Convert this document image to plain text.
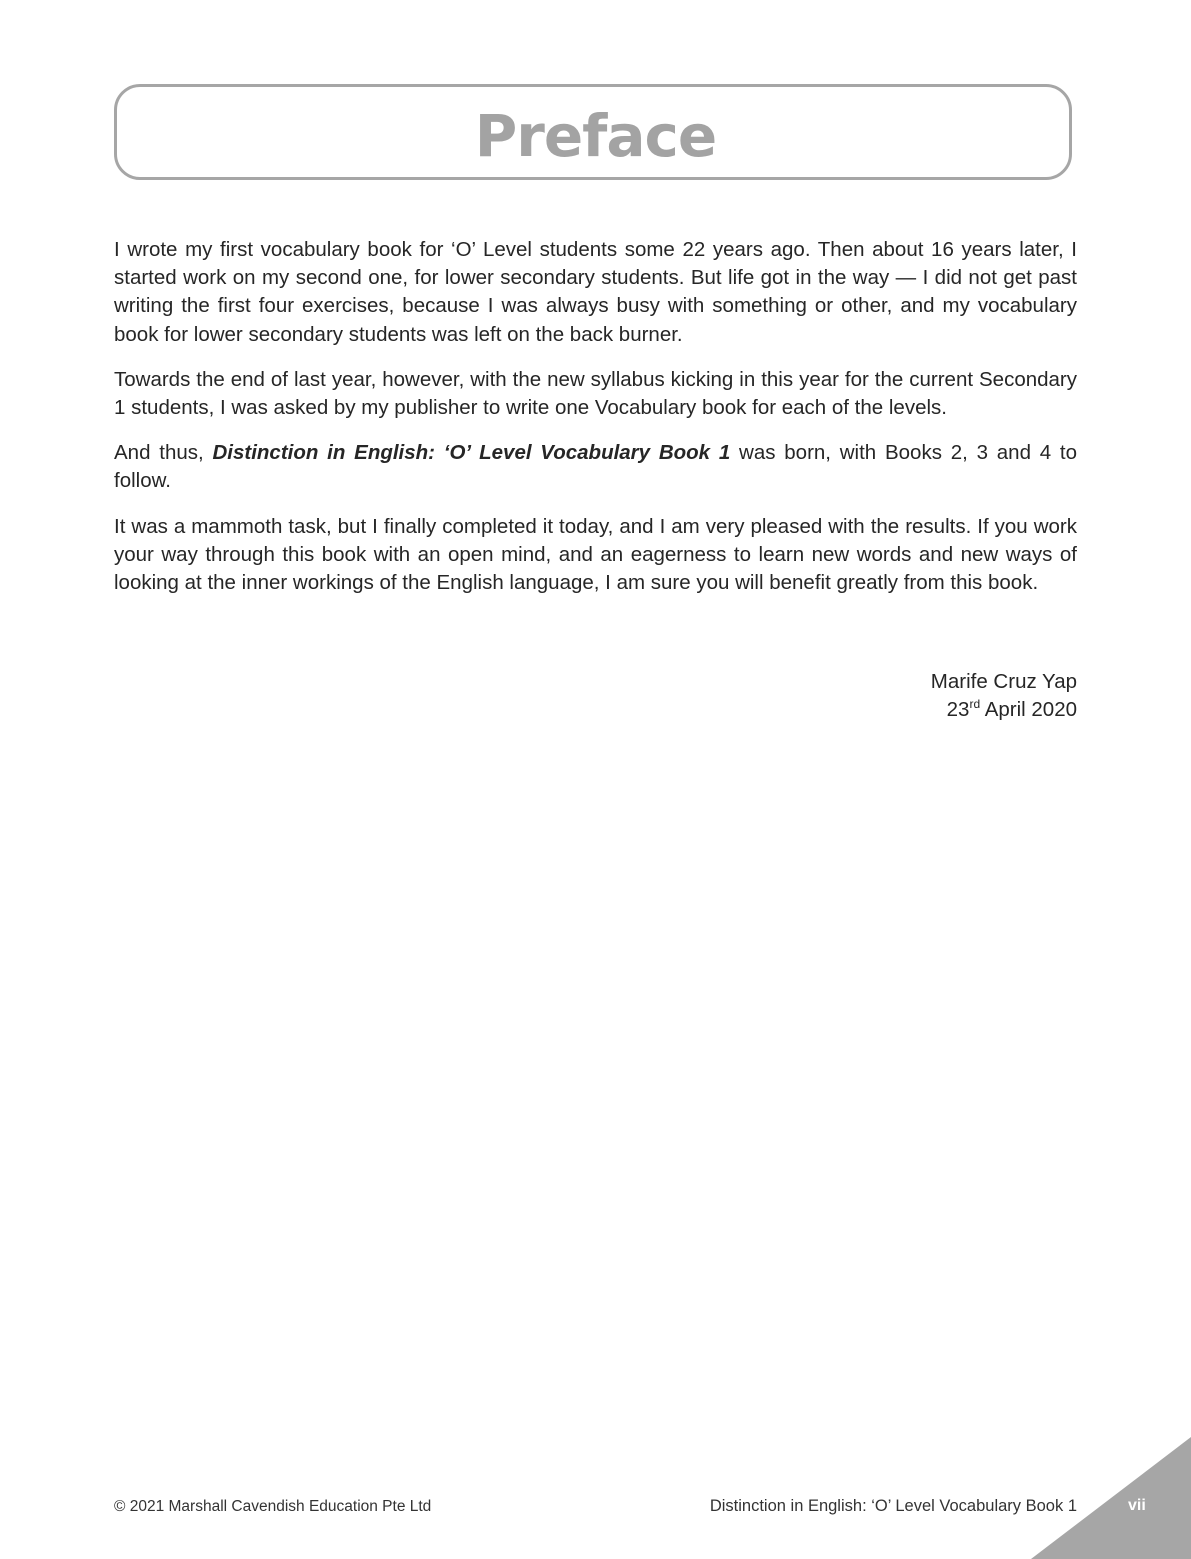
Preface

I wrote my first vocabulary book for ‘O’ Level students some 22 years ago. Then about 16 years later, I started work on my second one, for lower secondary students. But life got in the way — I did not get past writing the first four exercises, because I was always busy with something or other, and my vocabulary book for lower secondary students was left on the back burner.

Towards the end of last year, however, with the new syllabus kicking in this year for the current Secondary 1 students, I was asked by my publisher to write one Vocabulary book for each of the levels.

And thus, Distinction in English: ‘O’ Level Vocabulary Book 1 was born, with Books 2, 3 and 4 to follow.

It was a mammoth task, but I finally completed it today, and I am very pleased with the results. If you work your way through this book with an open mind, and an eagerness to learn new words and new ways of looking at the inner workings of the English language, I am sure you will benefit greatly from this book.

Marife Cruz Yap
23rd April 2020
© 2021 Marshall Cavendish Education Pte Ltd	Distinction in English: ‘O’ Level Vocabulary Book 1	vii
